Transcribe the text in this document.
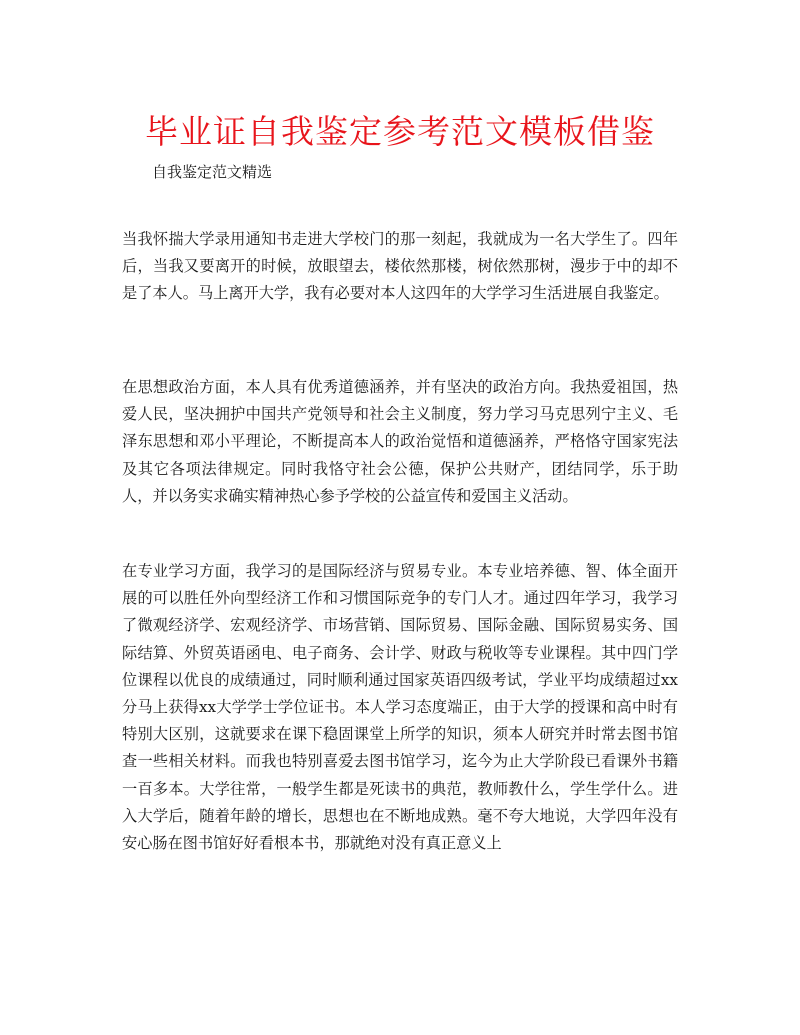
毕业证自我鉴定参考范文模板借鉴

自我鉴定范文精选

当我怀揣大学录用通知书走进大学校门的那一刻起，我就成为一名大学生了。四年后，当我又要离开的时候，放眼望去，楼依然那楼，树依然那树，漫步于中的却不是了本人。马上离开大学，我有必要对本人这四年的大学学习生活进展自我鉴定。

在思想政治方面，本人具有优秀道德涵养，并有坚决的政治方向。我热爱祖国，热爱人民，坚决拥护中国共产党领导和社会主义制度，努力学习马克思列宁主义、毛泽东思想和邓小平理论，不断提高本人的政治觉悟和道德涵养，严格恪守国家宪法及其它各项法律规定。同时我恪守社会公德，保护公共财产，团结同学，乐于助人，并以务实求确实精神热心参予学校的公益宣传和爱国主义活动。

在专业学习方面，我学习的是国际经济与贸易专业。本专业培养德、智、体全面开展的可以胜任外向型经济工作和习惯国际竞争的专门人才。通过四年学习，我学习了微观经济学、宏观经济学、市场营销、国际贸易、国际金融、国际贸易实务、国际结算、外贸英语函电、电子商务、会计学、财政与税收等专业课程。其中四门学位课程以优良的成绩通过，同时顺利通过国家英语四级考试，学业平均成绩超过xx分马上获得xx大学学士学位证书。本人学习态度端正，由于大学的授课和高中时有特别大区别，这就要求在课下稳固课堂上所学的知识，须本人研究并时常去图书馆查一些相关材料。而我也特别喜爱去图书馆学习，迄今为止大学阶段已看课外书籍一百多本。大学往常，一般学生都是死读书的典范，教师教什么，学生学什么。进入大学后，随着年龄的增长，思想也在不断地成熟。毫不夸大地说，大学四年没有安心肠在图书馆好好看根本书，那就绝对没有真正意义上
